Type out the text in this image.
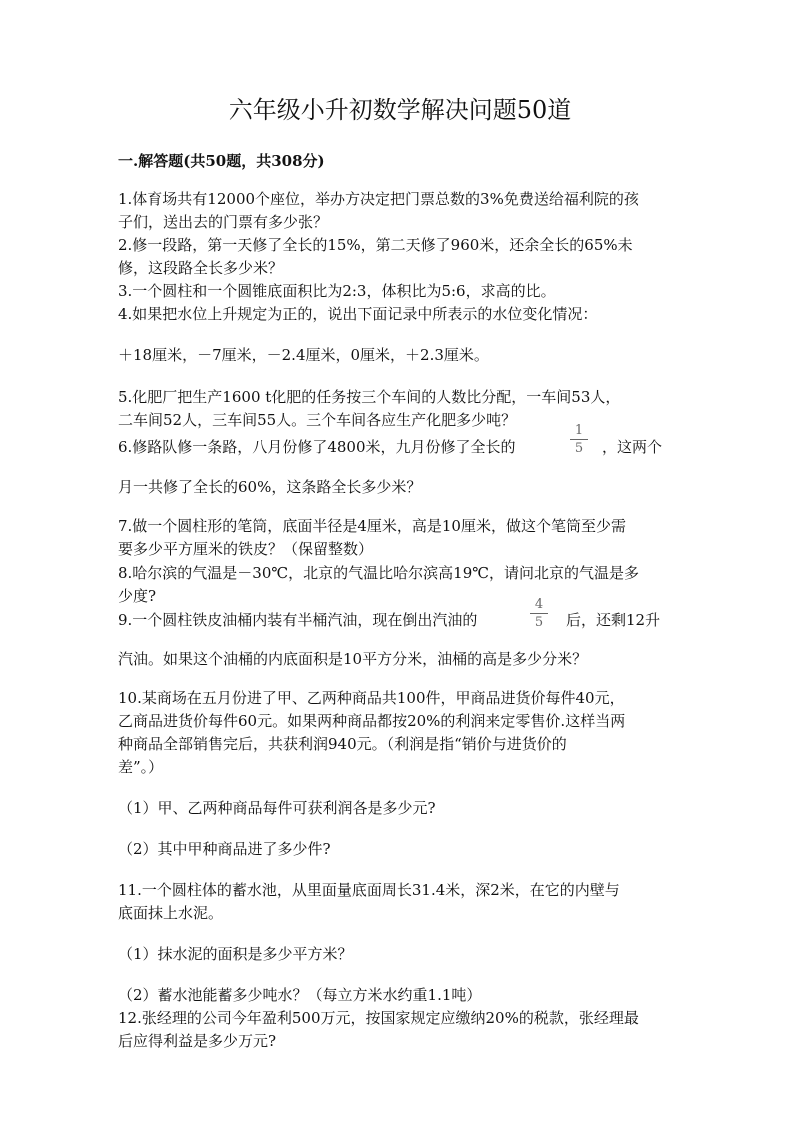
六年级小升初数学解决问题50道
一.解答题(共50题，共308分)
1.体育场共有12000个座位，举办方决定把门票总数的3%免费送给福利院的孩
子们，送出去的门票有多少张？
2.修一段路，第一天修了全长的15%，第二天修了960米，还余全长的65%未
修，这段路全长多少米？
3.一个圆柱和一个圆锥底面积比为2:3，体积比为5:6，求高的比。
4.如果把水位上升规定为正的，说出下面记录中所表示的水位变化情况：
＋18厘米，－7厘米，－2.4厘米，0厘米，＋2.3厘米。
5.化肥厂把生产1600 t化肥的任务按三个车间的人数比分配，一车间53人，
二车间52人，三车间55人。三个车间各应生产化肥多少吨？
6.修路队修一条路，八月份修了4800米，九月份修了全长的
1
5	，这两个
月一共修了全长的60%，这条路全长多少米？
7.做一个圆柱形的笔筒，底面半径是4厘米，高是10厘米，做这个笔筒至少需
要多少平方厘米的铁皮？（保留整数）
8.哈尔滨的气温是－30℃，北京的气温比哈尔滨高19℃，请问北京的气温是多
少度?
9.一个圆柱铁皮油桶内装有半桶汽油，现在倒出汽油的
4
5	后，还剩12升
汽油。如果这个油桶的内底面积是10平方分米，油桶的高是多少分米？
10.某商场在五月份进了甲、乙两种商品共100件，甲商品进货价每件40元，
乙商品进货价每件60元。如果两种商品都按20%的利润来定零售价.这样当两
种商品全部销售完后，共获利润940元。（利润是指“销价与进货价的
差”。）
（1）甲、乙两种商品每件可获利润各是多少元?
（2）其中甲种商品进了多少件?
11.一个圆柱体的蓄水池，从里面量底面周长31.4米，深2米，在它的内壁与
底面抹上水泥。
（1）抹水泥的面积是多少平方米？
（2）蓄水池能蓄多少吨水？（每立方米水约重1.1吨）
12.张经理的公司今年盈利500万元，按国家规定应缴纳20%的税款，张经理最
后应得利益是多少万元?
